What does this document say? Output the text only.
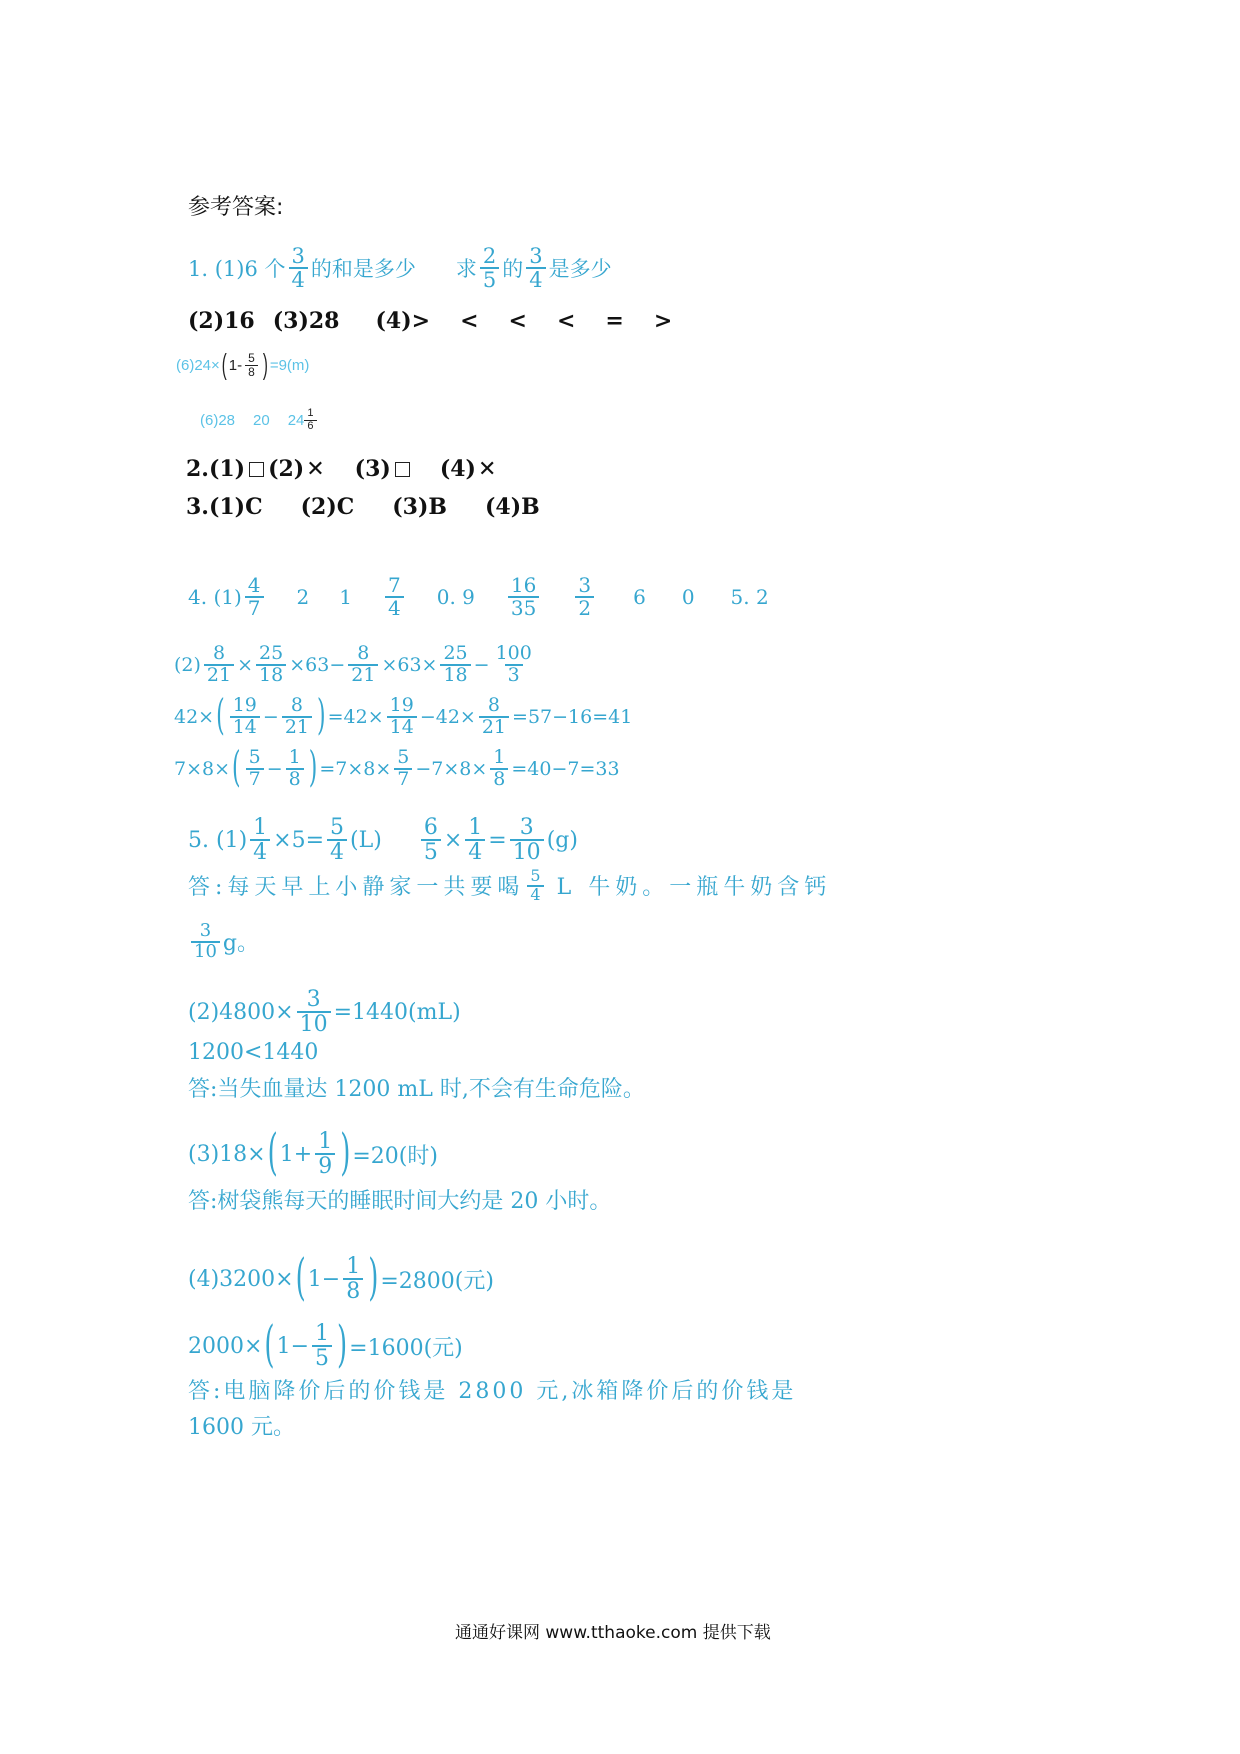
参考答案:
1. (1)6 个 $\frac{3}{4}$ 的和是多少 求 $\frac{2}{5}$ 的 $\frac{3}{4}$ 是多少
(2)16 (3)28 (4)> < < < = >
(6)24× ( $1- \frac{5}{8}$ ) =9(m)
(6)28 20 $24 \frac{1}{6}$
2.(1) (2) ✕ (3) (4) ✕
3.(1)C (2)C (3)B (4)B
4. $(1) \frac{4}{7} 2$ $1 \frac{7}{4} 0$. $9 \frac{16}{35} \frac{3}{2} 6$ 0 5. 2
$(2) \frac{8}{21} \times \frac{25}{18} \times 63- \frac{8}{21} \times 63\times \frac{25}{18} - \frac{100}{3}$
42× ( $\frac{19}{14} - \frac{8}{21}$ ) $=42\times \frac{19}{14} -42\times \frac{8}{21} =57-16=41$
7×8× ( $\frac{5}{7} - \frac{1}{8}$ ) $=7\times 8\times \frac{5}{7} -7\times 8\times \frac{1}{8} =40-7=33$
5. $(1) \frac{1}{4} \times 5= \frac{5}{4} (L) \frac{6}{5} \times \frac{1}{4} = \frac{3}{10} (g)$
答:每天早上小静家一共要喝 $\frac{5}{4}$ L 牛奶。一瓶牛奶含钙
$\frac{3}{10}$ g。
$(2)4800\times \frac{3}{10} =1440(mL)$
1200<1440
答:当失血量达 1200 mL 时,不会有生命危险。
(3)18× ( $1+ \frac{1}{9}$ ) =20(时)
答:树袋熊每天的睡眠时间大约是 20 小时。
(4)3200× ( $1- \frac{1}{8}$ ) =2800(元)
2000× ( $1- \frac{1}{5}$ ) =1600(元)
答:电脑降价后的价钱是 2800 元,冰箱降价后的价钱是
1600 元。
通通好课网 www.tthaoke.com 提供下载
